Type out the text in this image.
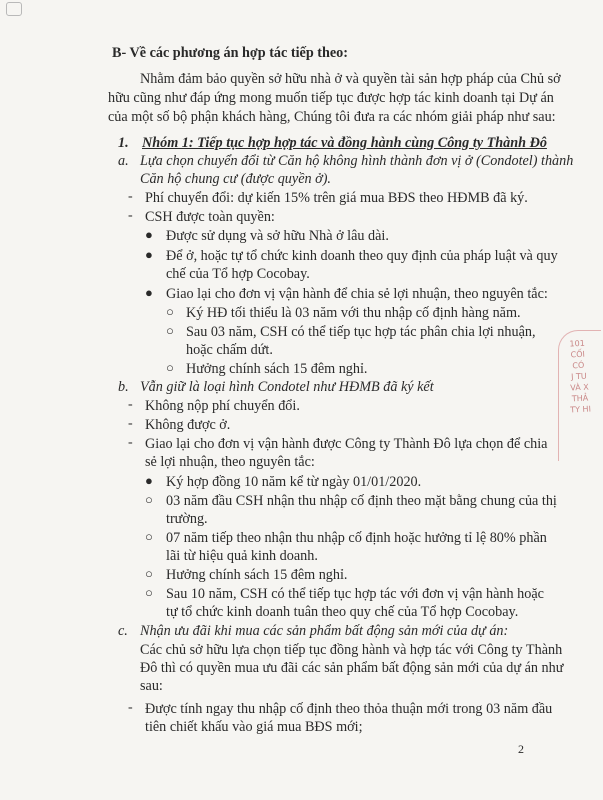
B- Về các phương án hợp tác tiếp theo:
Nhằm đảm bảo quyền sở hữu nhà ở và quyền tài sản hợp pháp của Chủ sở
hữu cũng như đáp ứng mong muốn tiếp tục được hợp tác kinh doanh tại Dự án
của một số bộ phận khách hàng, Chúng tôi đưa ra các nhóm giải pháp như sau:
1. Nhóm 1: Tiếp tục hợp hợp tác và đồng hành cùng Công ty Thành Đô
a. Lựa chọn chuyển đổi từ Căn hộ không hình thành đơn vị ở (Condotel) thành
Căn hộ chung cư (được quyền ở).
- Phí chuyển đổi: dự kiến 15% trên giá mua BĐS theo HĐMB đã ký.
- CSH được toàn quyền:
● Được sử dụng và sở hữu Nhà ở lâu dài.
● Để ở, hoặc tự tổ chức kinh doanh theo quy định của pháp luật và quy
chế của Tổ hợp Cocobay.
● Giao lại cho đơn vị vận hành để chia sẻ lợi nhuận, theo nguyên tắc:
○ Ký HĐ tối thiểu là 03 năm với thu nhập cố định hàng năm.
○ Sau 03 năm, CSH có thể tiếp tục hợp tác phân chia lợi nhuận,
hoặc chấm dứt.
○ Hưởng chính sách 15 đêm nghỉ.
b. Vẫn giữ là loại hình Condotel như HĐMB đã ký kết
- Không nộp phí chuyển đổi.
- Không được ở.
- Giao lại cho đơn vị vận hành được Công ty Thành Đô lựa chọn để chia
sẻ lợi nhuận, theo nguyên tắc:
● Ký hợp đồng 10 năm kể từ ngày 01/01/2020.
○ 03 năm đầu CSH nhận thu nhập cố định theo mặt bằng chung của thị
trường.
○ 07 năm tiếp theo nhận thu nhập cố định hoặc hưởng tỉ lệ 80% phần
lãi từ hiệu quả kinh doanh.
○ Hưởng chính sách 15 đêm nghỉ.
○ Sau 10 năm, CSH có thể tiếp tục hợp tác với đơn vị vận hành hoặc
tự tổ chức kinh doanh tuân theo quy chế của Tổ hợp Cocobay.
c. Nhận ưu đãi khi mua các sản phẩm bất động sản mới của dự án:
Các chủ sở hữu lựa chọn tiếp tục đồng hành và hợp tác với Công ty Thành
Đô thì có quyền mua ưu đãi các sản phẩm bất động sản mới của dự án như
sau:
- Được tính ngay thu nhập cố định theo thỏa thuận mới trong 03 năm đầu
tiên chiết khấu vào giá mua BĐS mới;
2
101
CỐI
CÓ
J TU
VÀ X
THẢ
TY HI
